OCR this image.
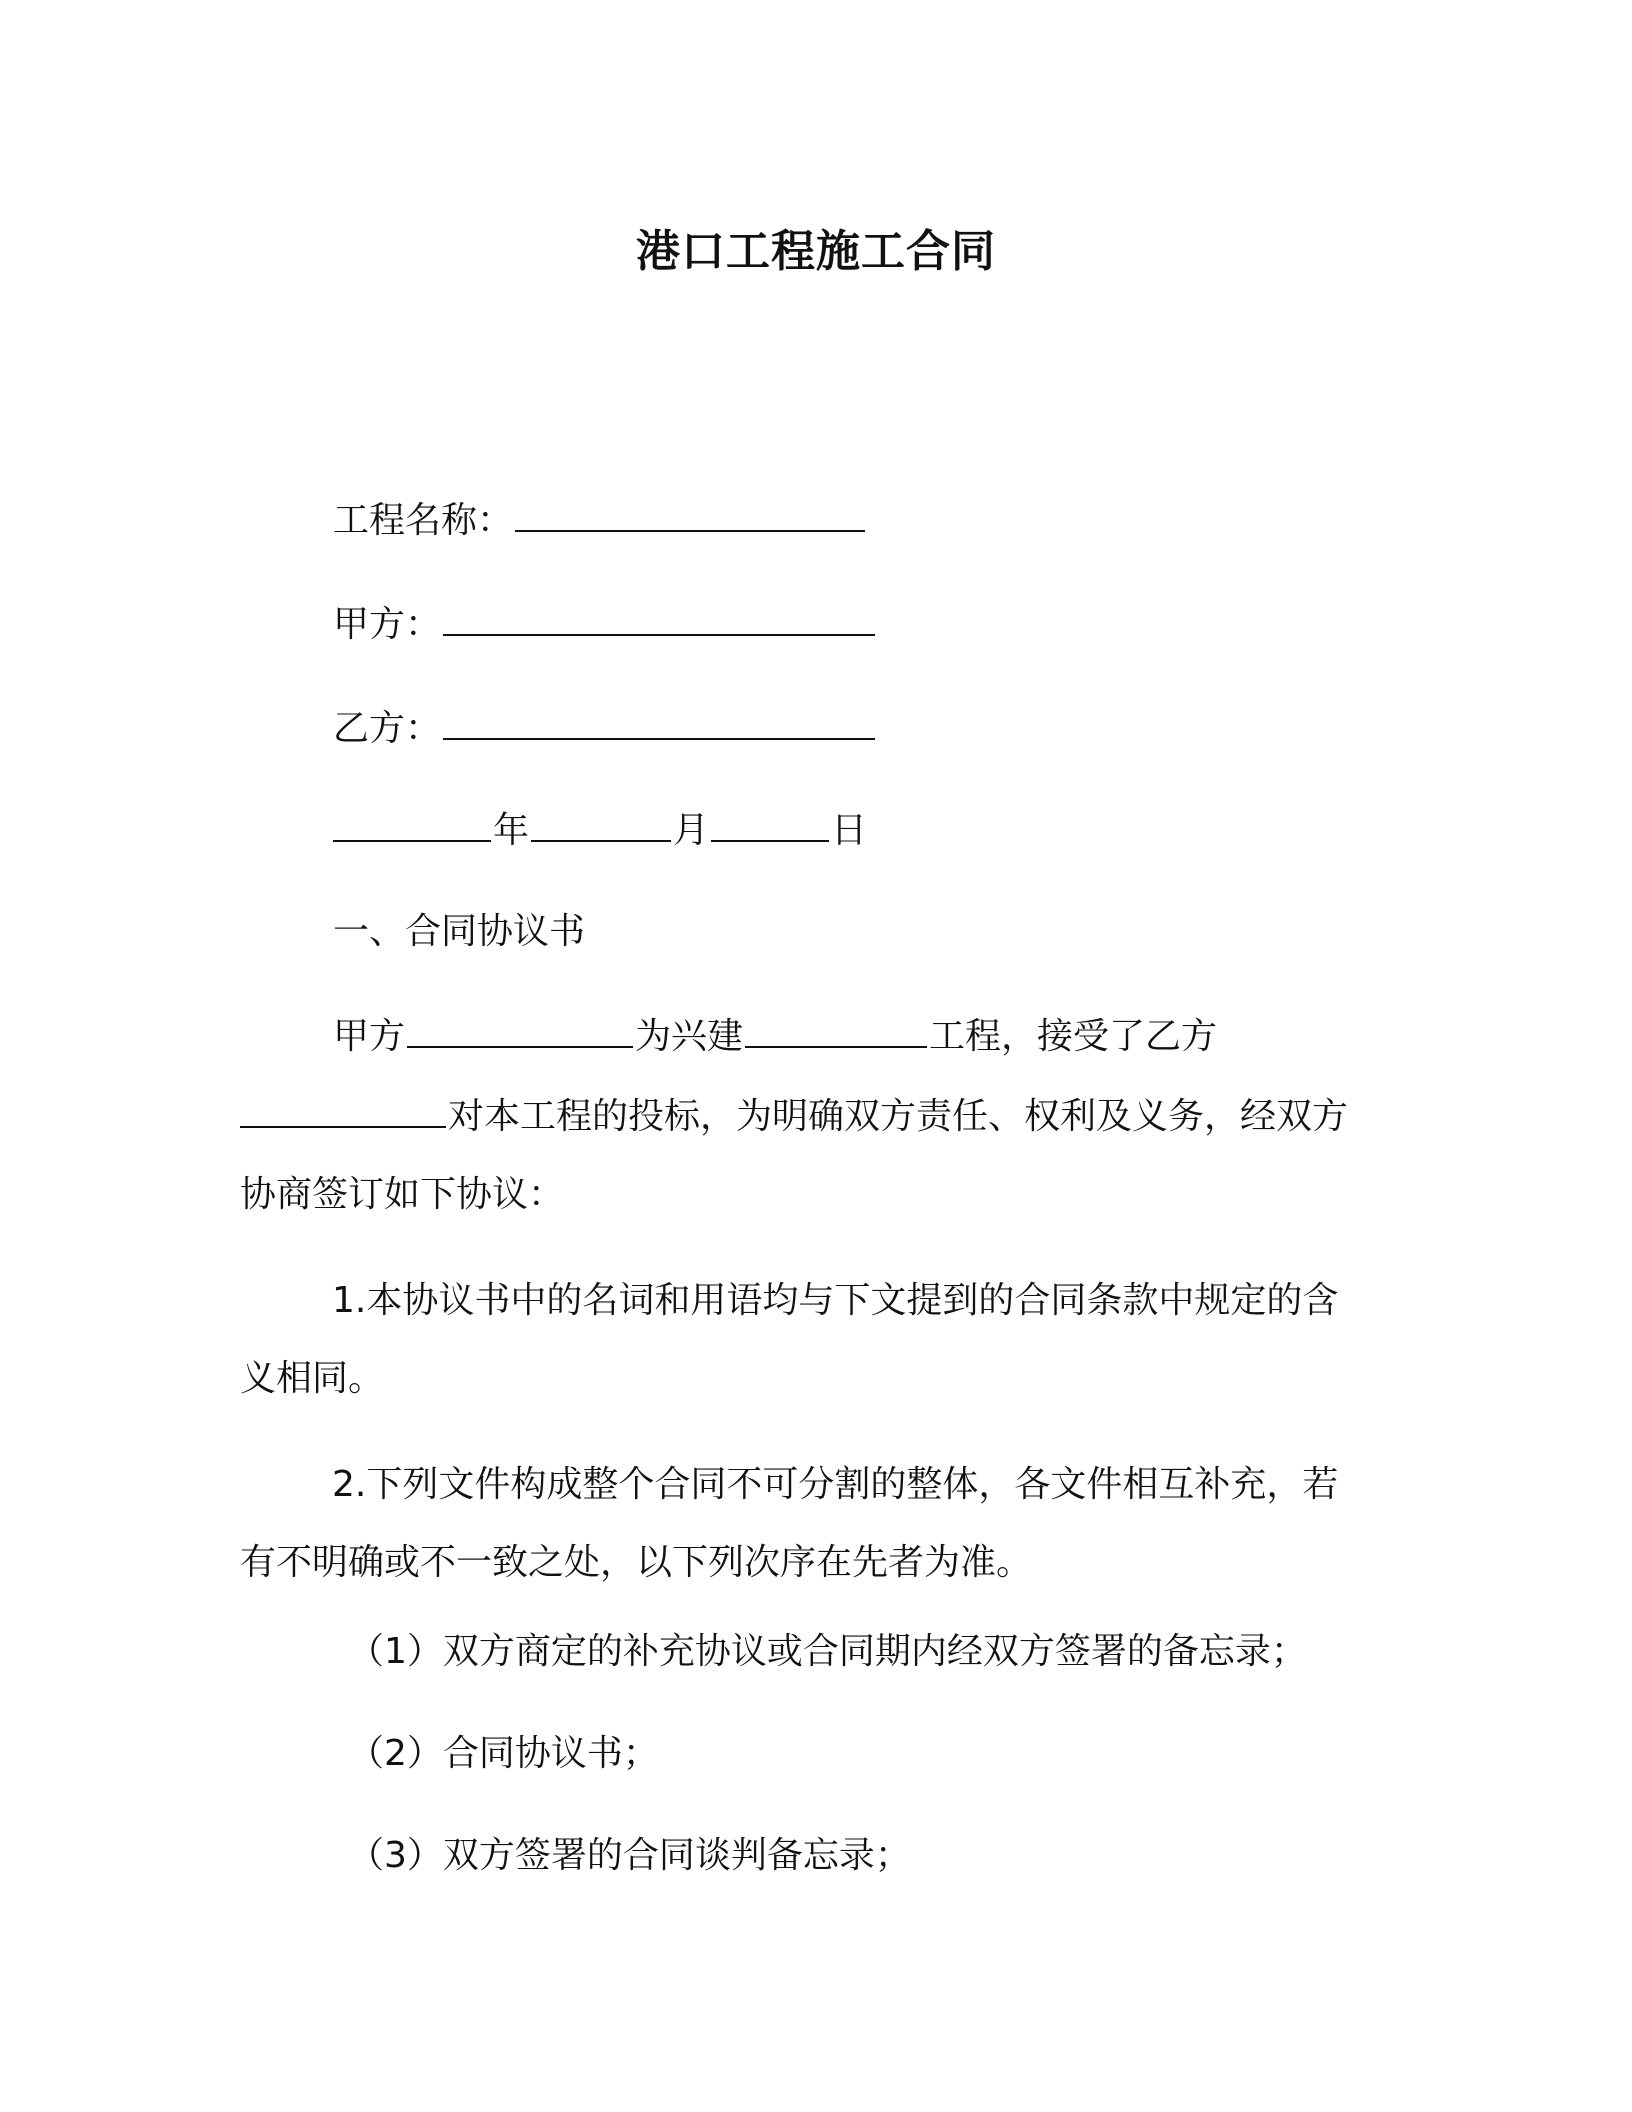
港口工程施工合同
工程名称：
甲方：
乙方：
年	月	日
一、合同协议书
甲方	为兴建	工程，接受了乙方
对本工程的投标，为明确双方责任、权利及义务，经双方协商签订如下协议：
1.本协议书中的名词和用语均与下文提到的合同条款中规定的含义相同。
2.下列文件构成整个合同不可分割的整体，各文件相互补充，若有不明确或不一致之处，以下列次序在先者为准。
（1）双方商定的补充协议或合同期内经双方签署的备忘录；
（2）合同协议书；
（3）双方签署的合同谈判备忘录；
